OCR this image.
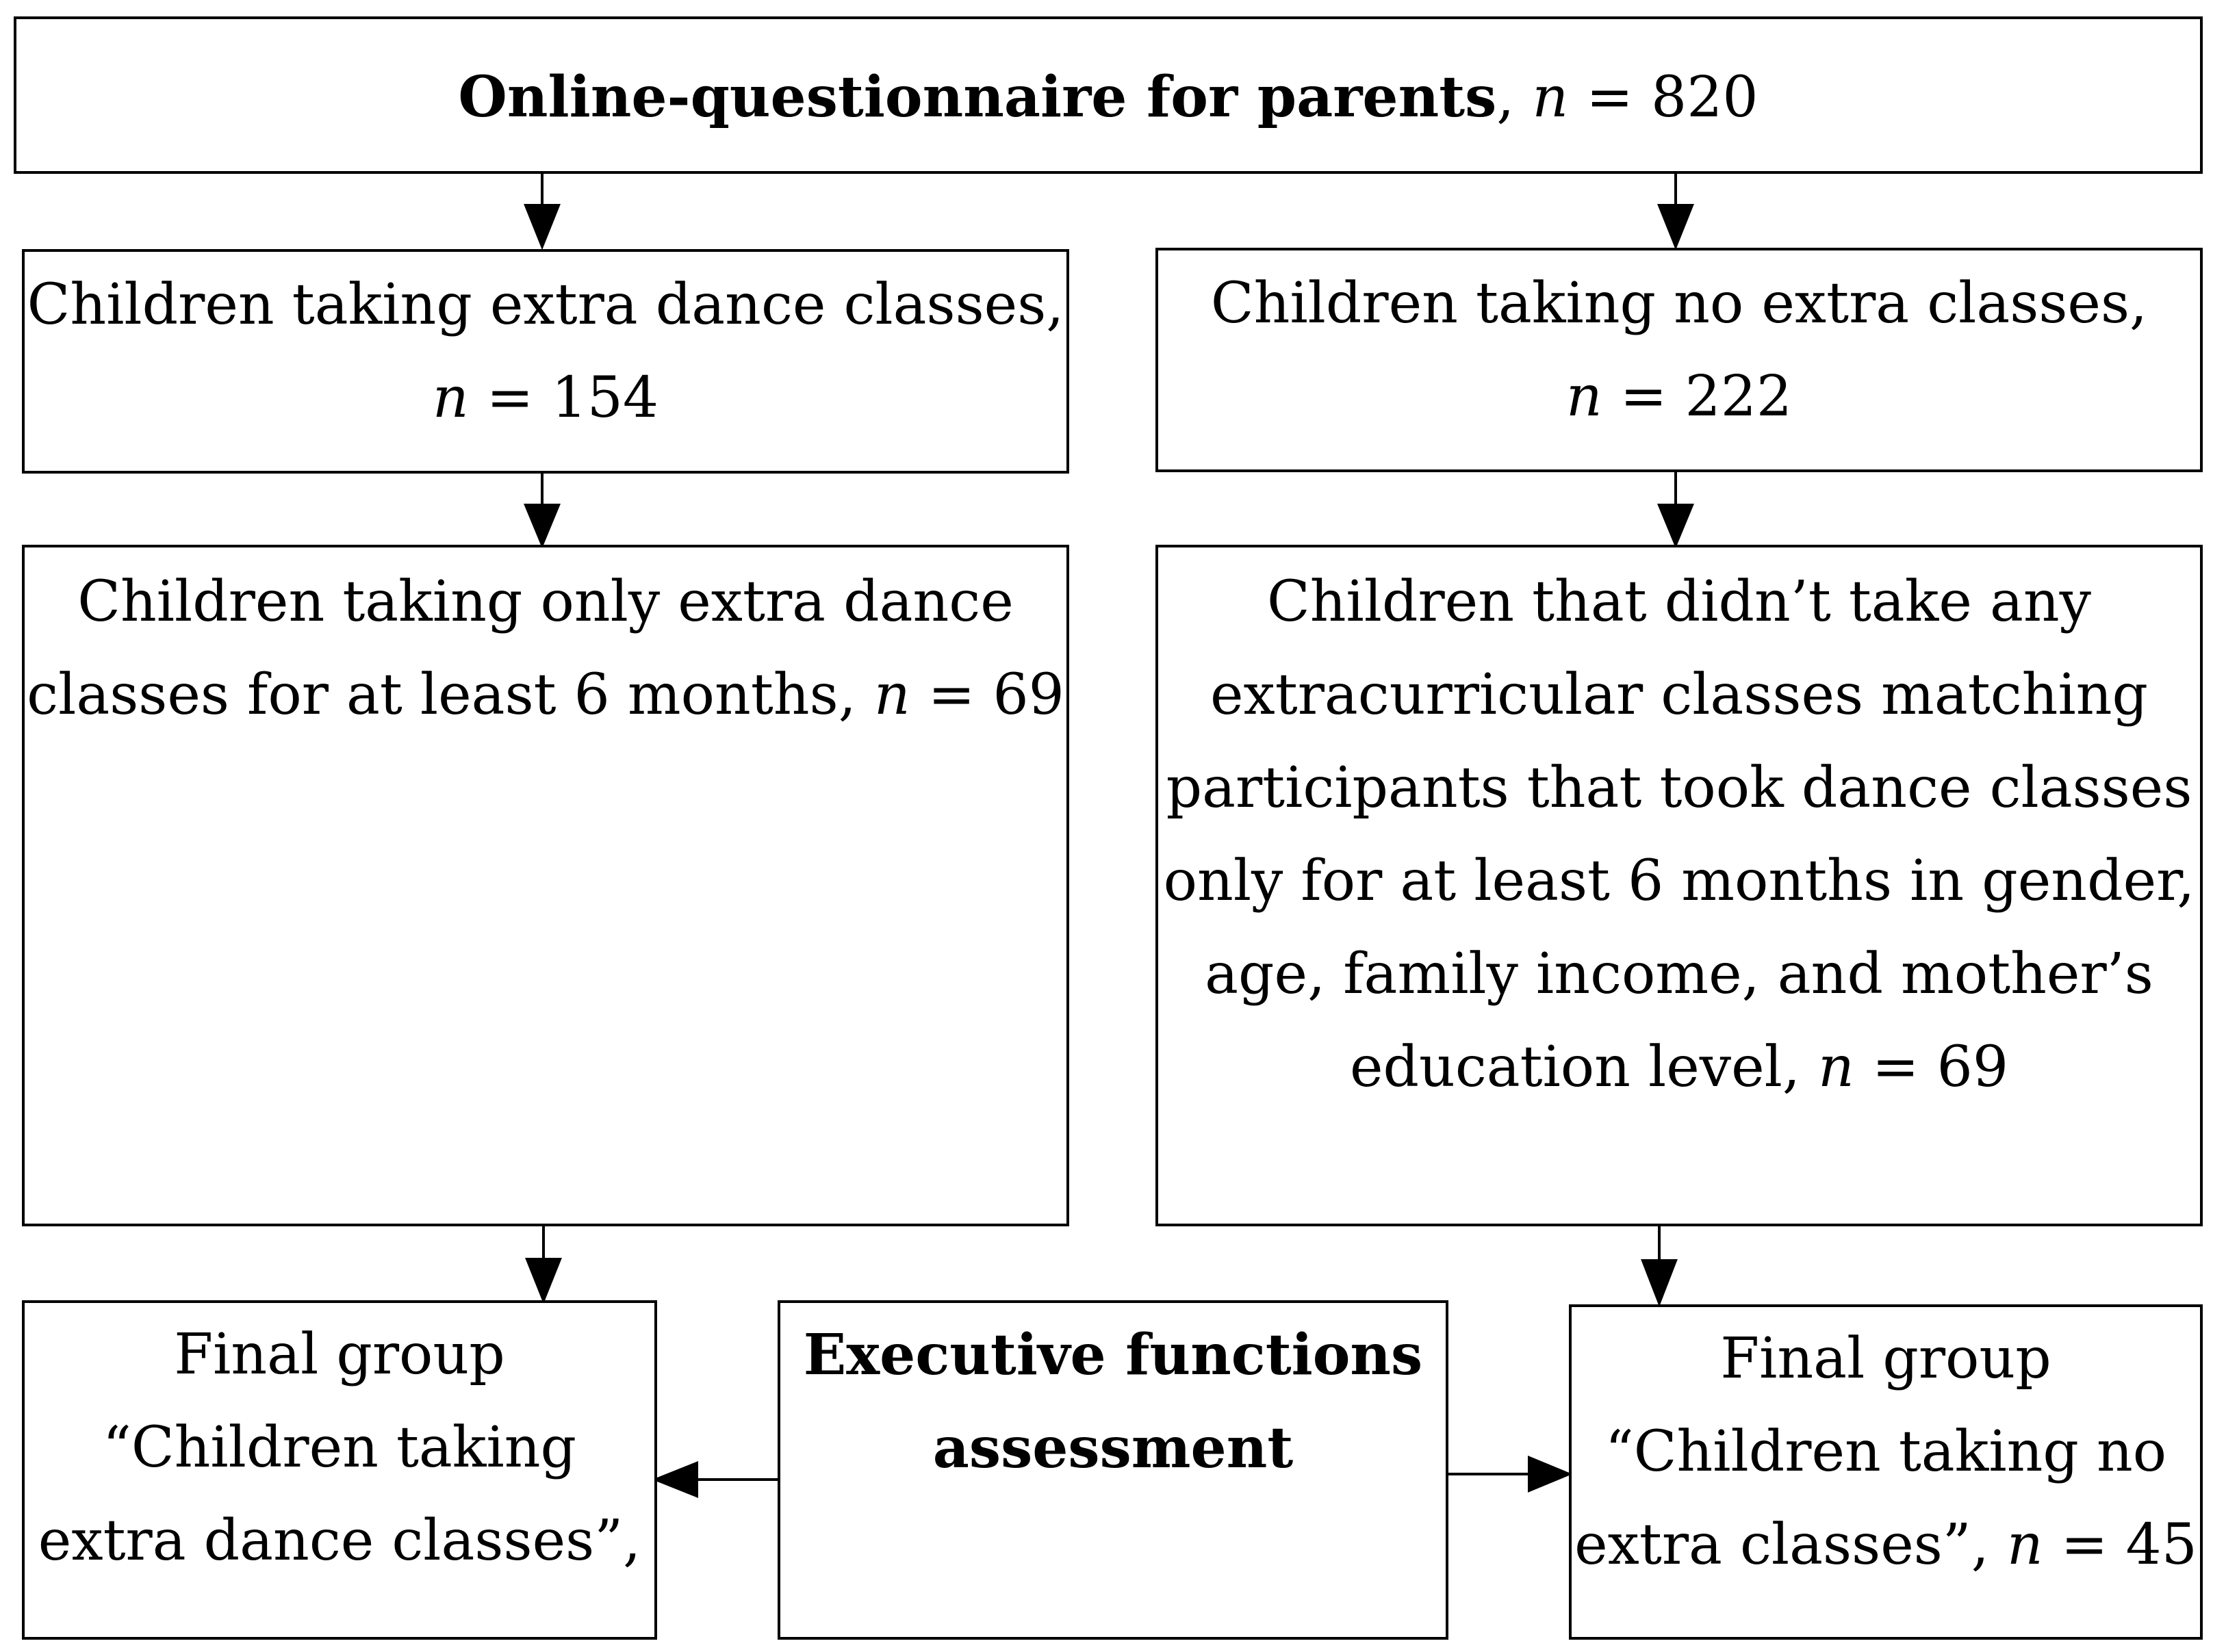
Online-questionnaire for parents, n = 820
Children taking extra dance classes,
n = 154
Children taking no extra classes,
n = 222
Children taking only extra dance
classes for at least 6 months, n = 69
Children that didn’t take any
extracurricular classes matching
participants that took dance classes
only for at least 6 months in gender,
age, family income, and mother’s
education level, n = 69
Final group
“Children taking
extra dance classes”,
Executive functions
assessment
Final group
“Children taking no
extra classes”, n = 45
